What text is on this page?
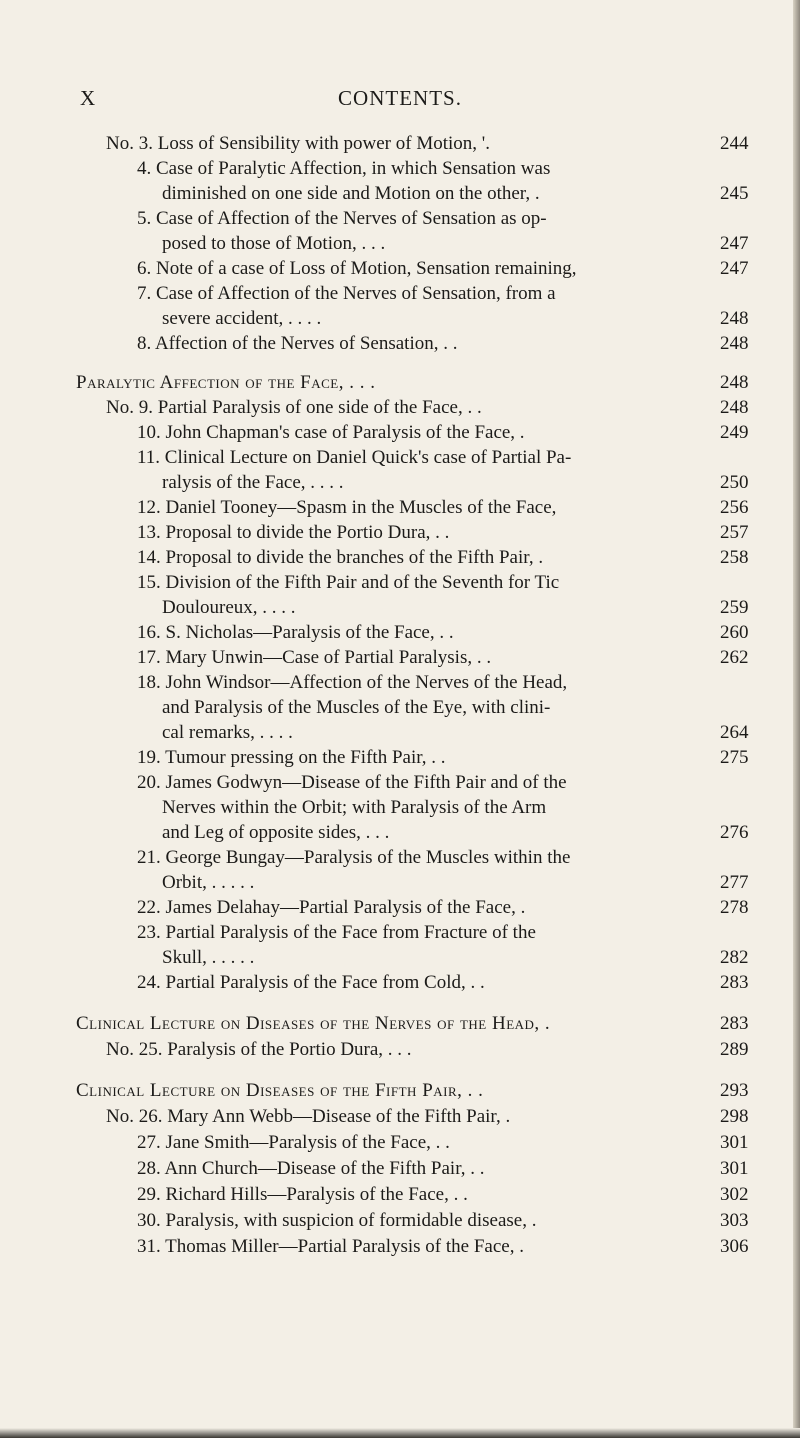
X	CONTENTS.
No. 3. Loss of Sensibility with power of Motion, '.	244
4. Case of Paralytic Affection, in which Sensation was
diminished on one side and Motion on the other, .	245
5. Case of Affection of the Nerves of Sensation as op-
posed to those of Motion, . . .	247
6. Note of a case of Loss of Motion, Sensation remaining,	247
7. Case of Affection of the Nerves of Sensation, from a
severe accident, . . . .	248
8. Affection of the Nerves of Sensation, . .	248
Paralytic Affection of the Face, . . .	248
No. 9. Partial Paralysis of one side of the Face, . .	248
10. John Chapman's case of Paralysis of the Face, .	249
11. Clinical Lecture on Daniel Quick's case of Partial Pa-
ralysis of the Face, . . . .	250
12. Daniel Tooney—Spasm in the Muscles of the Face,	256
13. Proposal to divide the Portio Dura, . .	257
14. Proposal to divide the branches of the Fifth Pair, .	258
15. Division of the Fifth Pair and of the Seventh for Tic
Douloureux, . . . .	259
16. S. Nicholas—Paralysis of the Face, . .	260
17. Mary Unwin—Case of Partial Paralysis, . .	262
18. John Windsor—Affection of the Nerves of the Head,
and Paralysis of the Muscles of the Eye, with clini-
cal remarks, . . . .	264
19. Tumour pressing on the Fifth Pair, . .	275
20. James Godwyn—Disease of the Fifth Pair and of the
Nerves within the Orbit; with Paralysis of the Arm
and Leg of opposite sides, . . .	276
21. George Bungay—Paralysis of the Muscles within the
Orbit, . . . . .	277
22. James Delahay—Partial Paralysis of the Face, .	278
23. Partial Paralysis of the Face from Fracture of the
Skull, . . . . .	282
24. Partial Paralysis of the Face from Cold, . .	283
Clinical Lecture on Diseases of the Nerves of the Head, .	283
No. 25. Paralysis of the Portio Dura, . . .	289
Clinical Lecture on Diseases of the Fifth Pair, . .	293
No. 26. Mary Ann Webb—Disease of the Fifth Pair, .	298
27. Jane Smith—Paralysis of the Face, . .	301
28. Ann Church—Disease of the Fifth Pair, . .	301
29. Richard Hills—Paralysis of the Face, . .	302
30. Paralysis, with suspicion of formidable disease, .	303
31. Thomas Miller—Partial Paralysis of the Face, .	306
